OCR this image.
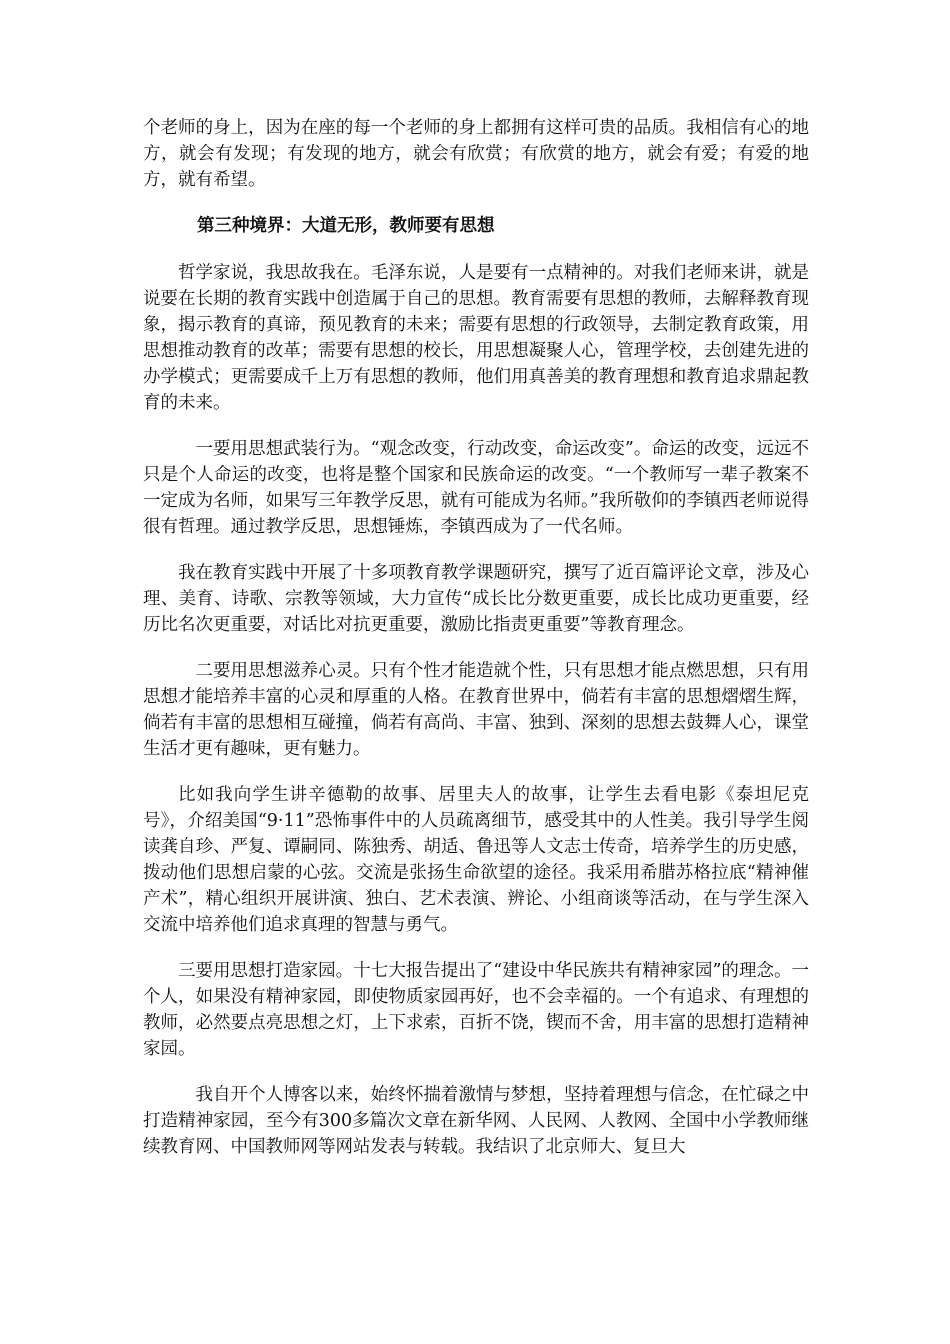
个老师的身上，因为在座的每一个老师的身上都拥有这样可贵的品质。我相信有心的地方，就会有发现；有发现的地方，就会有欣赏；有欣赏的地方，就会有爱；有爱的地方，就有希望。

第三种境界：大道无形，教师要有思想

哲学家说，我思故我在。毛泽东说，人是要有一点精神的。对我们老师来讲，就是说要在长期的教育实践中创造属于自己的思想。教育需要有思想的教师，去解释教育现象，揭示教育的真谛，预见教育的未来；需要有思想的行政领导，去制定教育政策，用思想推动教育的改革；需要有思想的校长，用思想凝聚人心，管理学校，去创建先进的办学模式；更需要成千上万有思想的教师，他们用真善美的教育理想和教育追求鼎起教育的未来。

一要用思想武装行为。“观念改变，行动改变，命运改变”。命运的改变，远远不只是个人命运的改变，也将是整个国家和民族命运的改变。“一个教师写一辈子教案不一定成为名师，如果写三年教学反思，就有可能成为名师。”我所敬仰的李镇西老师说得很有哲理。通过教学反思，思想锤炼，李镇西成为了一代名师。

我在教育实践中开展了十多项教育教学课题研究，撰写了近百篇评论文章，涉及心理、美育、诗歌、宗教等领域，大力宣传“成长比分数更重要，成长比成功更重要，经历比名次更重要，对话比对抗更重要，激励比指责更重要”等教育理念。

二要用思想滋养心灵。只有个性才能造就个性，只有思想才能点燃思想，只有用思想才能培养丰富的心灵和厚重的人格。在教育世界中，倘若有丰富的思想熠熠生辉，倘若有丰富的思想相互碰撞，倘若有高尚、丰富、独到、深刻的思想去鼓舞人心，课堂生活才更有趣味，更有魅力。

比如我向学生讲辛德勒的故事、居里夫人的故事，让学生去看电影《泰坦尼克号》，介绍美国“9·11”恐怖事件中的人员疏离细节，感受其中的人性美。我引导学生阅读龚自珍、严复、谭嗣同、陈独秀、胡适、鲁迅等人文志士传奇，培养学生的历史感，拨动他们思想启蒙的心弦。交流是张扬生命欲望的途径。我采用希腊苏格拉底“精神催产术”，精心组织开展讲演、独白、艺术表演、辨论、小组商谈等活动，在与学生深入交流中培养他们追求真理的智慧与勇气。

三要用思想打造家园。十七大报告提出了“建设中华民族共有精神家园”的理念。一个人，如果没有精神家园，即使物质家园再好，也不会幸福的。一个有追求、有理想的教师，必然要点亮思想之灯，上下求索，百折不饶，锲而不舍，用丰富的思想打造精神家园。

我自开个人博客以来，始终怀揣着激情与梦想，坚持着理想与信念，在忙碌之中打造精神家园，至今有300多篇次文章在新华网、人民网、人教网、全国中小学教师继续教育网、中国教师网等网站发表与转载。我结识了北京师大、复旦大
